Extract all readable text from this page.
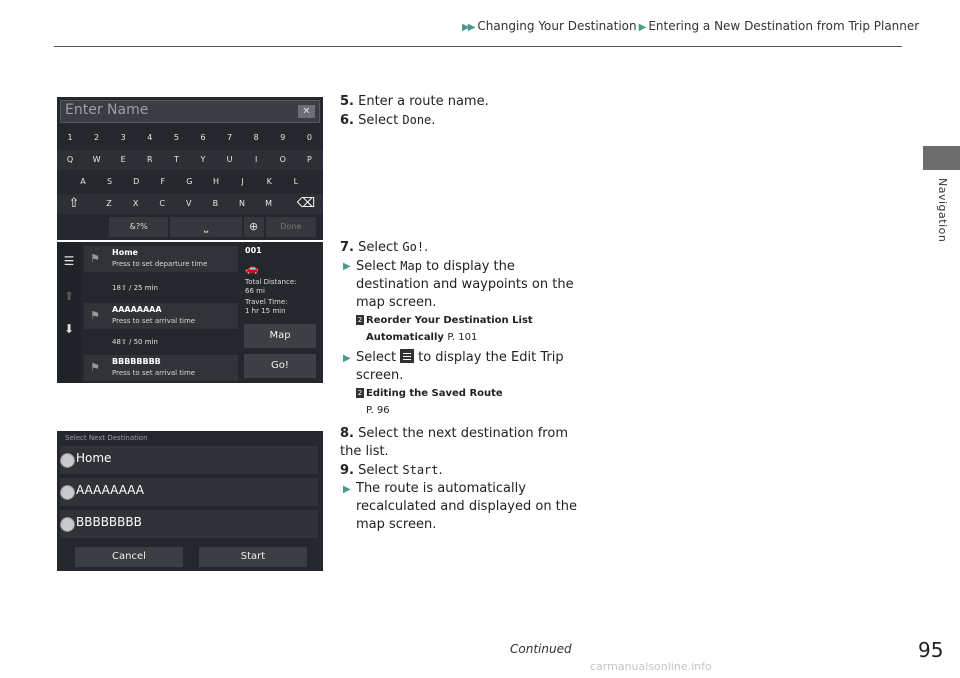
▶▶ Changing Your Destination ▶ Entering a New Destination from Trip Planner
Navigation
Enter Name	✕
1	2	3	4	5	6	7	8	9	0
Q	W	E	R	T	Y	U	I	O	P
A	S	D	F	G	H	J	K	L
⇧	⌫
Z	X	C	V	B	N	M
&?%	⎵	⊕	Done
☰
⬆
⬇
⚑ Home
Press to set departure time
18⇧ / 25 min
⚑ AAAAAAAA
Press to set arrival time
48⇧ / 50 min
⚑ BBBBBBBB
Press to set arrival time
001
🚗
Total Distance:
66 mi
Travel Time:
1 hr 15 min
Map
Go!
Select Next Destination
Home
AAAAAAAA
BBBBBBBB
Cancel	Start

5. Enter a route name.

6. Select Done.

7. Select Go!.

▶ Select Map to display the destination and waypoints on the map screen.

2 Reorder Your Destination List Automatically P. 101

▶ Select to display the Edit Trip screen.

2 Editing the Saved Route
P. 96

8. Select the next destination from the list.

9. Select Start.

▶ The route is automatically recalculated and displayed on the map screen.

Continued	95
carmanualsonline.info
